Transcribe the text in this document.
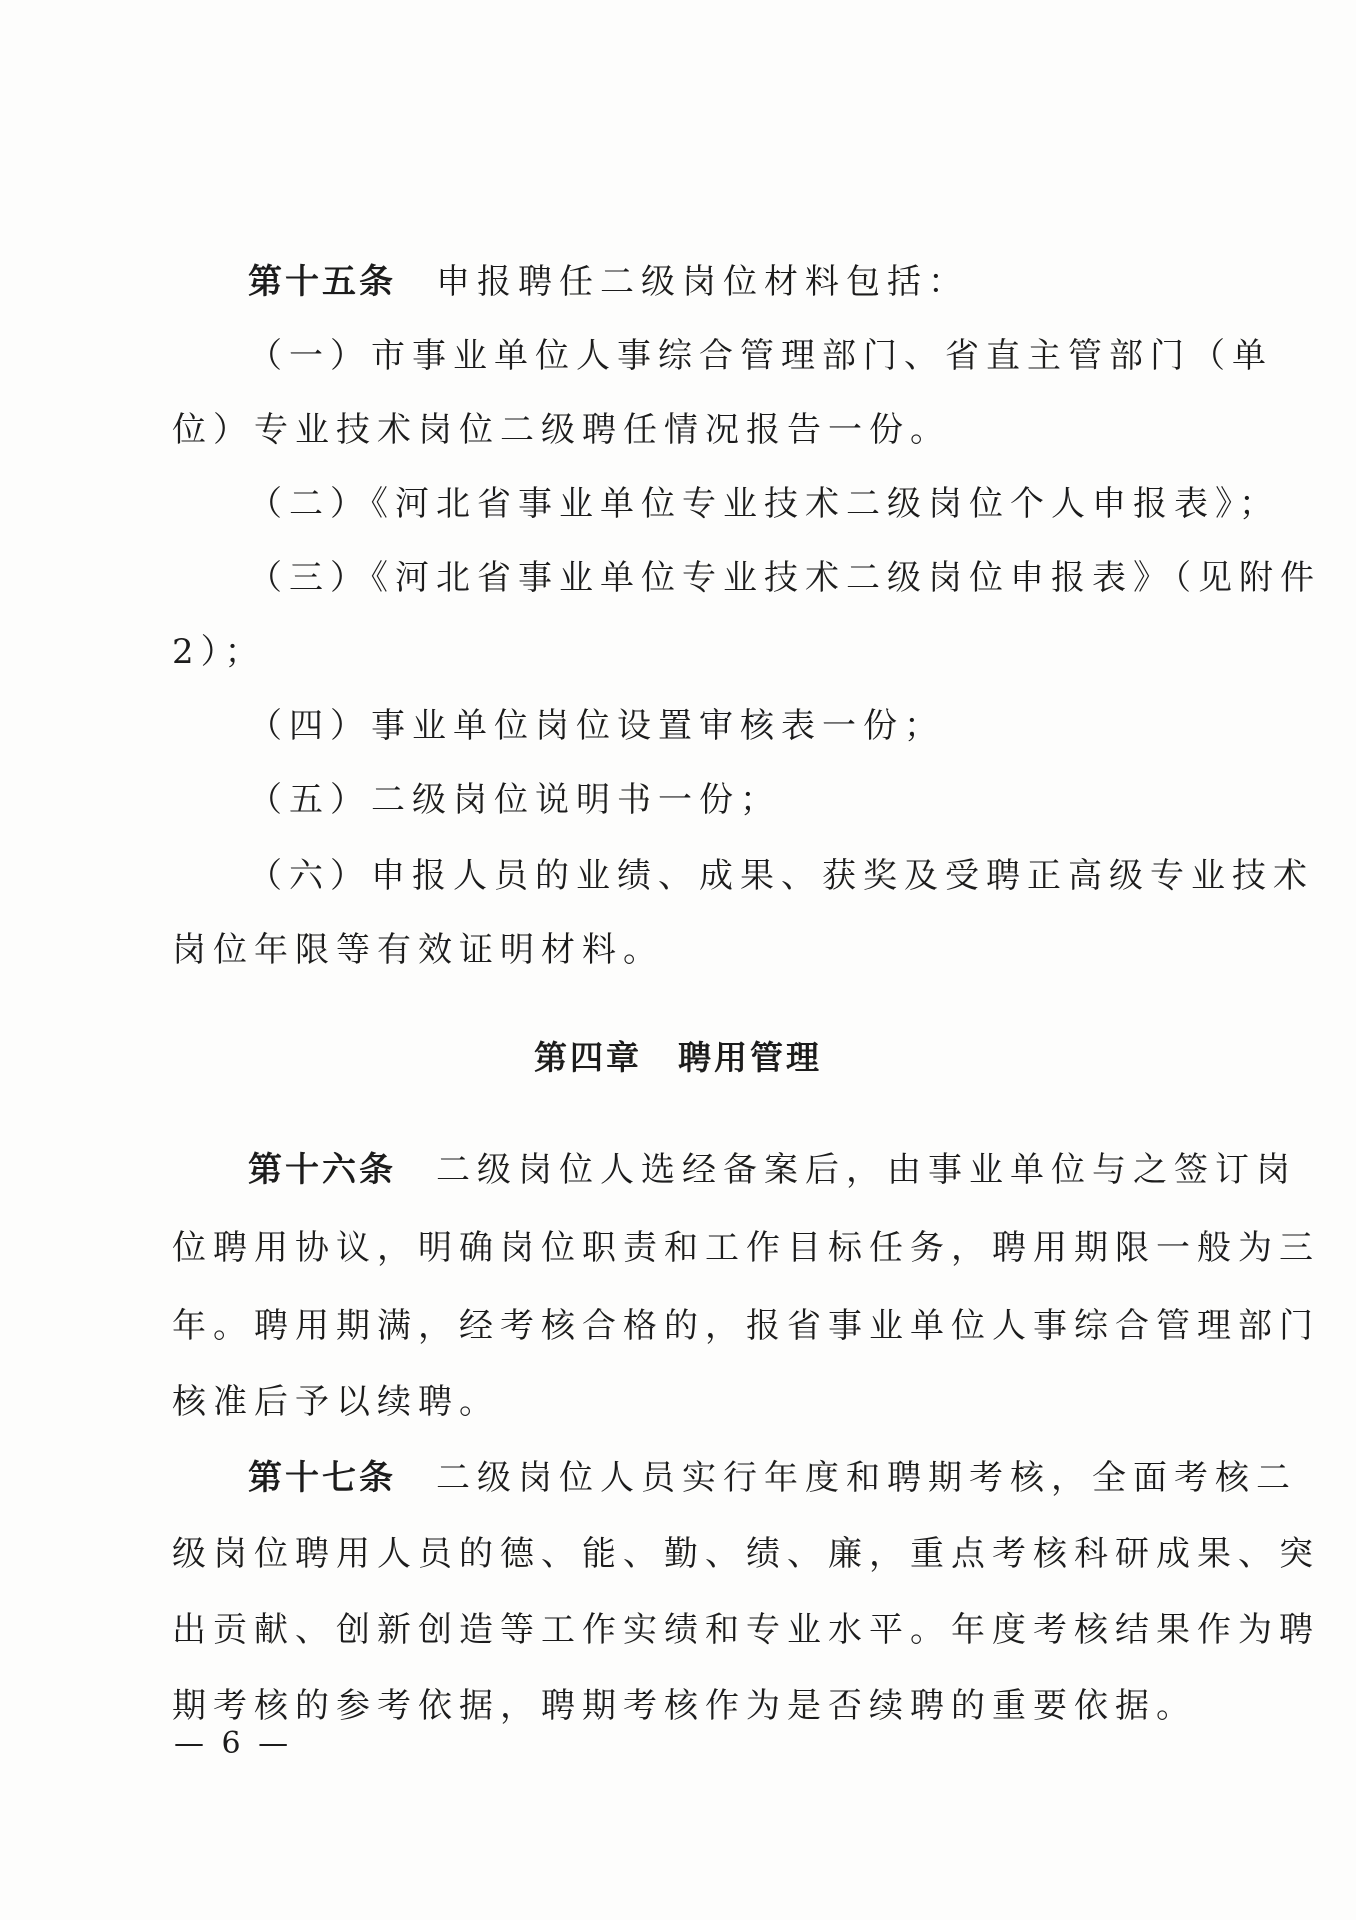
第十五条 申报聘任二级岗位材料包括：
（一）市事业单位人事综合管理部门、省直主管部门（单
位）专业技术岗位二级聘任情况报告一份。
（二）《河北省事业单位专业技术二级岗位个人申报表》；
（三）《河北省事业单位专业技术二级岗位申报表》（见附件
2）；
（四）事业单位岗位设置审核表一份；
（五）二级岗位说明书一份；
（六）申报人员的业绩、成果、获奖及受聘正高级专业技术
岗位年限等有效证明材料。
第四章　聘用管理
第十六条 二级岗位人选经备案后，由事业单位与之签订岗
位聘用协议，明确岗位职责和工作目标任务，聘用期限一般为三
年。聘用期满，经考核合格的，报省事业单位人事综合管理部门
核准后予以续聘。
第十七条 二级岗位人员实行年度和聘期考核，全面考核二
级岗位聘用人员的德、能、勤、绩、廉，重点考核科研成果、突
出贡献、创新创造等工作实绩和专业水平。年度考核结果作为聘
期考核的参考依据，聘期考核作为是否续聘的重要依据。
— 6 —
